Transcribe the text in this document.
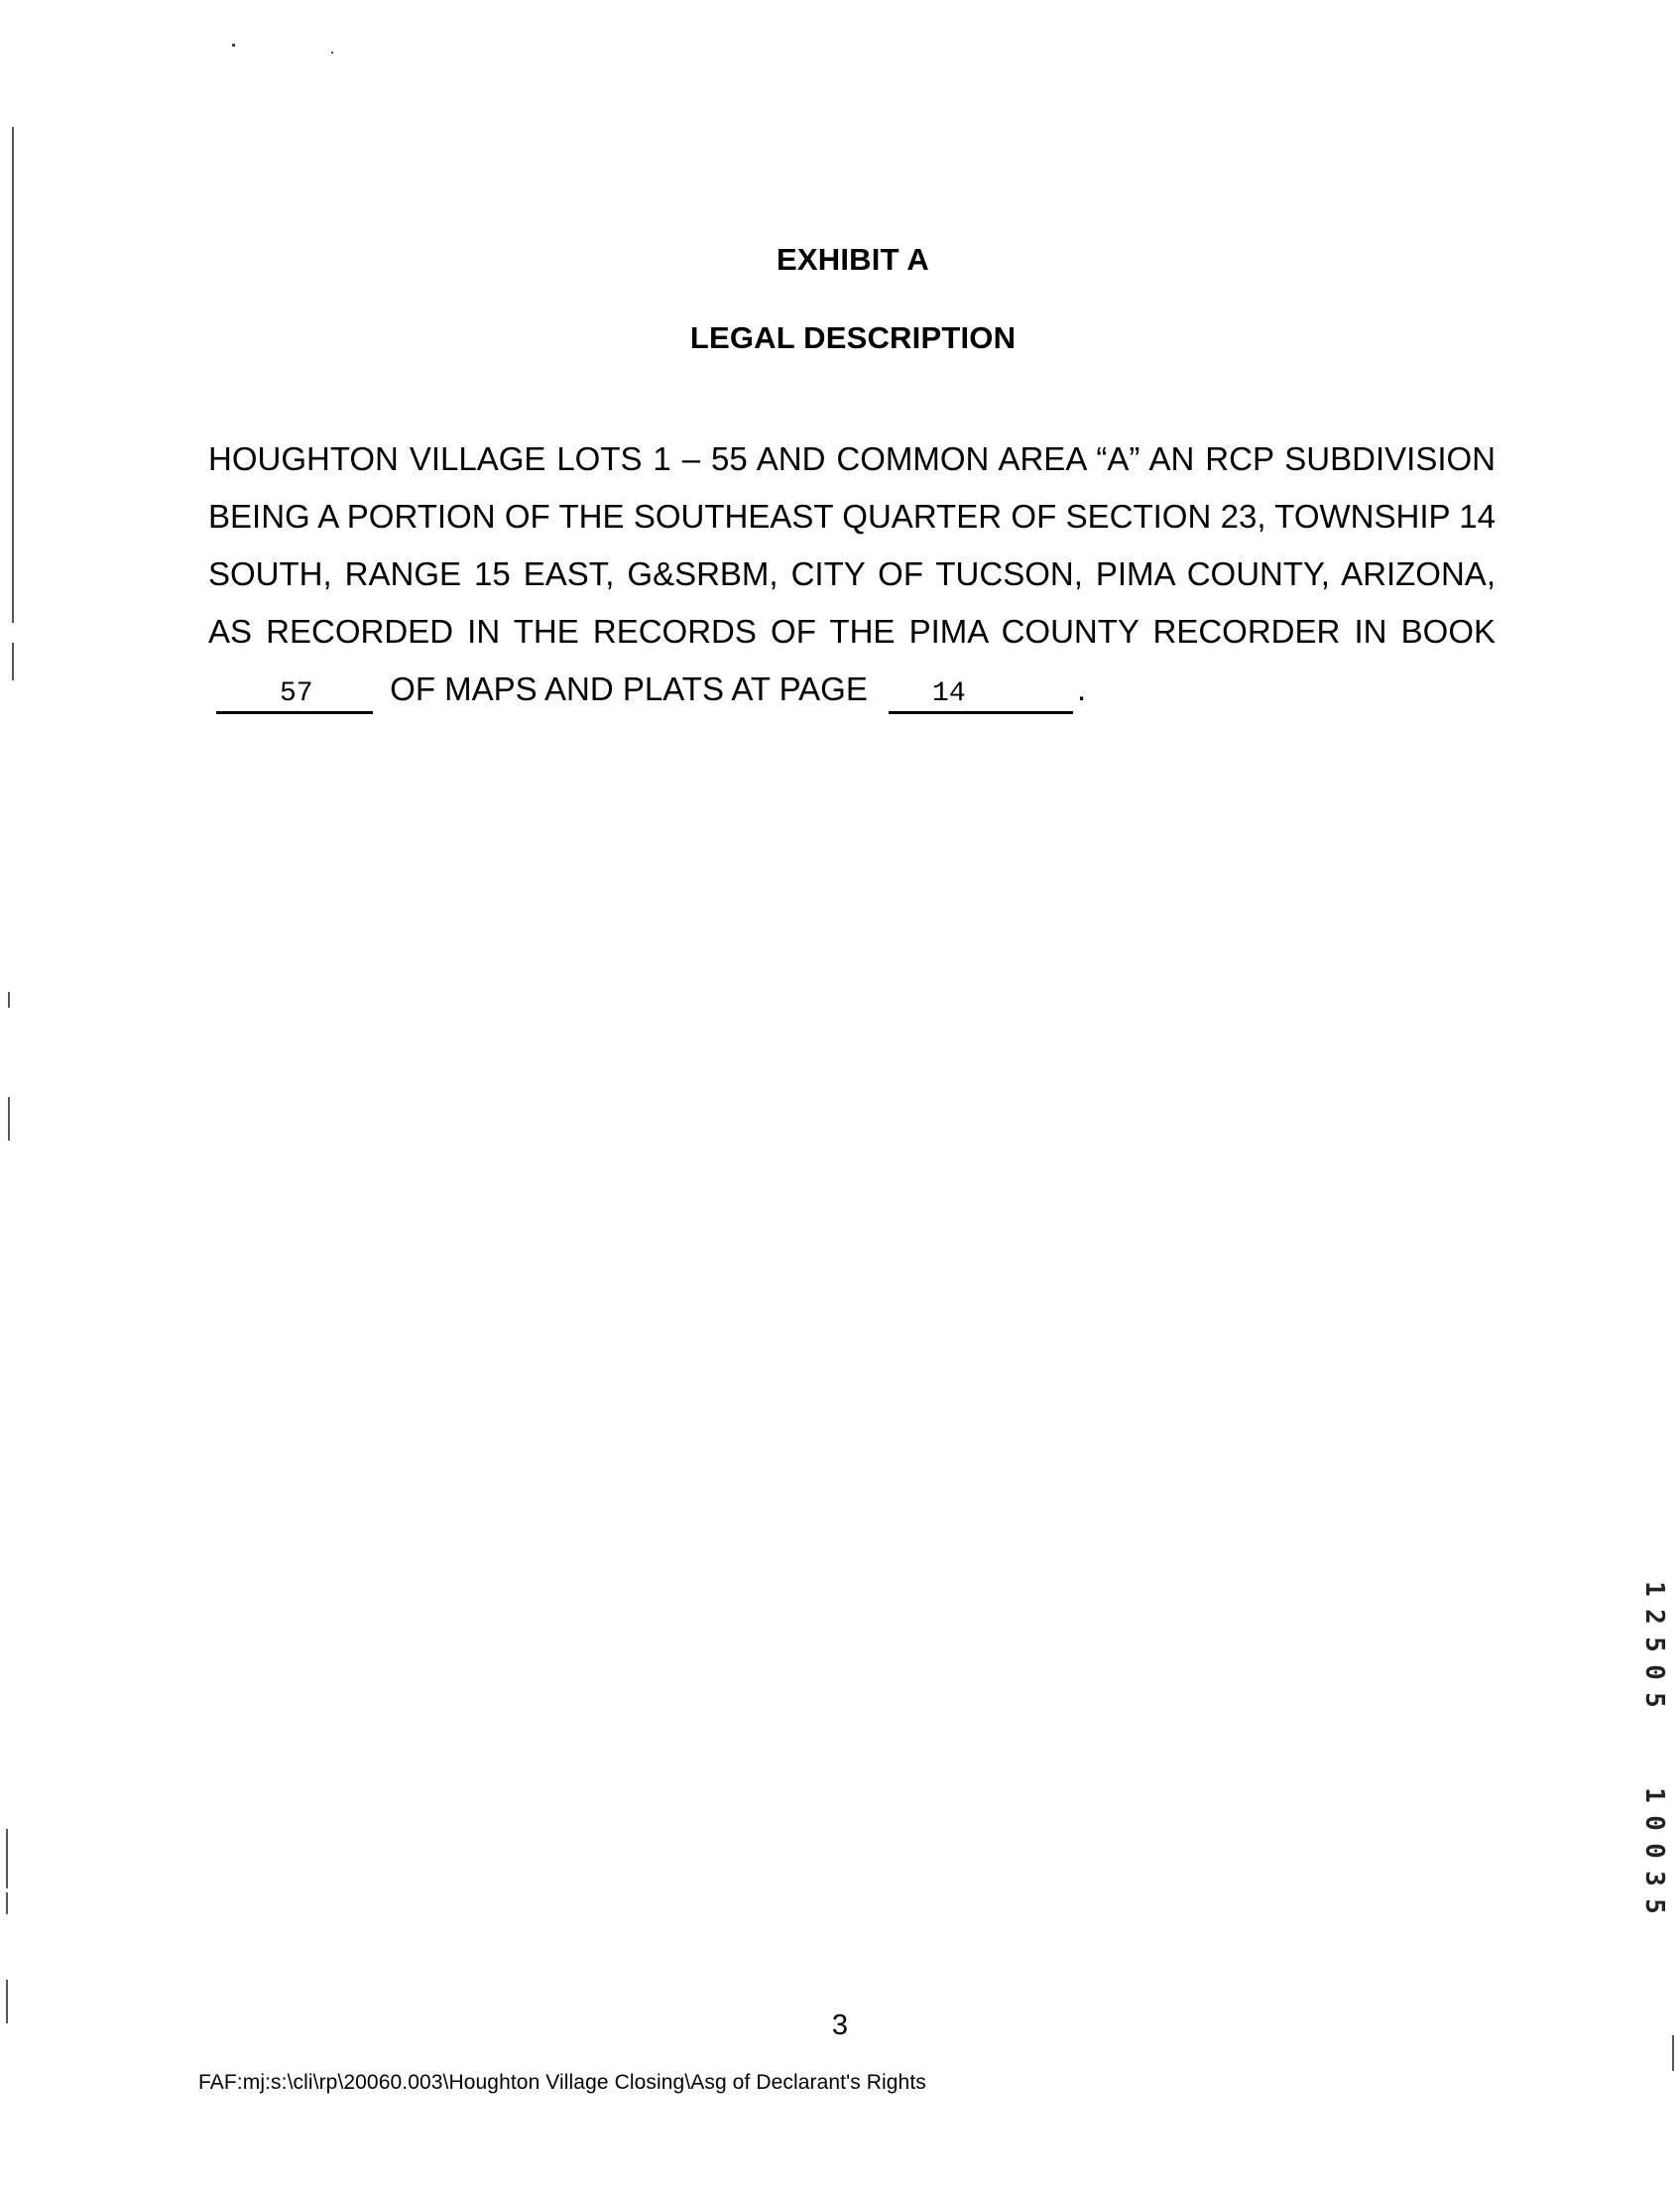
EXHIBIT A
LEGAL DESCRIPTION

HOUGHTON VILLAGE LOTS 1 – 55 AND COMMON AREA “A” AN RCP SUBDIVISION BEING A PORTION OF THE SOUTHEAST QUARTER OF SECTION 23, TOWNSHIP 14 SOUTH, RANGE 15 EAST, G&SRBM, CITY OF TUCSON, PIMA COUNTY, ARIZONA, AS RECORDED IN THE RECORDS OF THE PIMA COUNTY RECORDER IN BOOK 57 OF MAPS AND PLATS AT PAGE 14	.

3
FAF:mj:s:\cli\rp\20060.003\Houghton Village Closing\Asg of Declarant's Rights
1
2
5
0
5
1
0
0
3
5
